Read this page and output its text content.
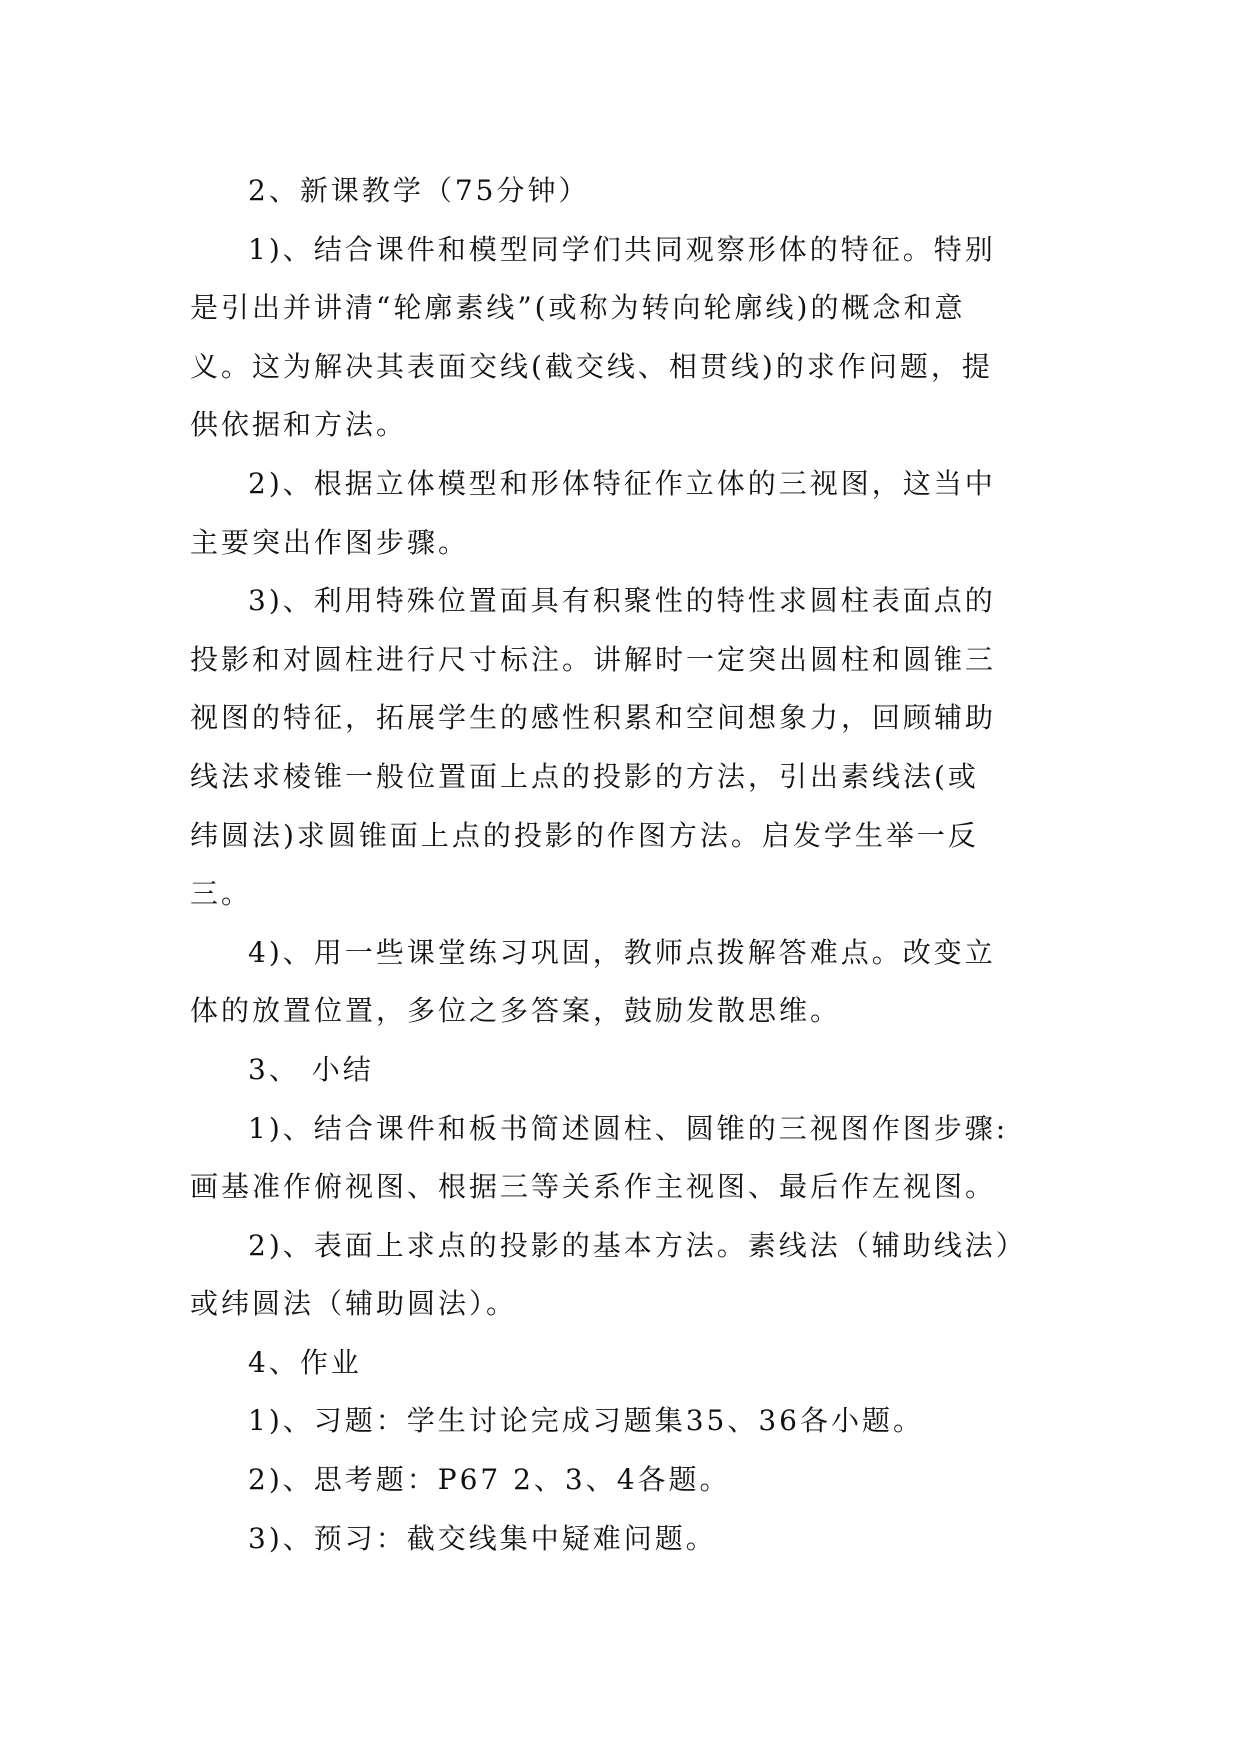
2、新课教学（75分钟）
1)、结合课件和模型同学们共同观察形体的特征。特别
是引出并讲清“轮廓素线”(或称为转向轮廓线)的概念和意
义。这为解决其表面交线(截交线、相贯线)的求作问题，提
供依据和方法。
2)、根据立体模型和形体特征作立体的三视图，这当中
主要突出作图步骤。
3)、利用特殊位置面具有积聚性的特性求圆柱表面点的
投影和对圆柱进行尺寸标注。讲解时一定突出圆柱和圆锥三
视图的特征，拓展学生的感性积累和空间想象力，回顾辅助
线法求棱锥一般位置面上点的投影的方法，引出素线法(或
纬圆法)求圆锥面上点的投影的作图方法。启发学生举一反
三。
4)、用一些课堂练习巩固，教师点拨解答难点。改变立
体的放置位置，多位之多答案，鼓励发散思维。
3、 小结
1)、结合课件和板书简述圆柱、圆锥的三视图作图步骤:
画基准作俯视图、根据三等关系作主视图、最后作左视图。
2)、表面上求点的投影的基本方法。素线法（辅助线法）
或纬圆法（辅助圆法）。
4、作业
1)、习题：学生讨论完成习题集35、36各小题。
2)、思考题：P67 2、3、4各题。
3)、预习：截交线集中疑难问题。
